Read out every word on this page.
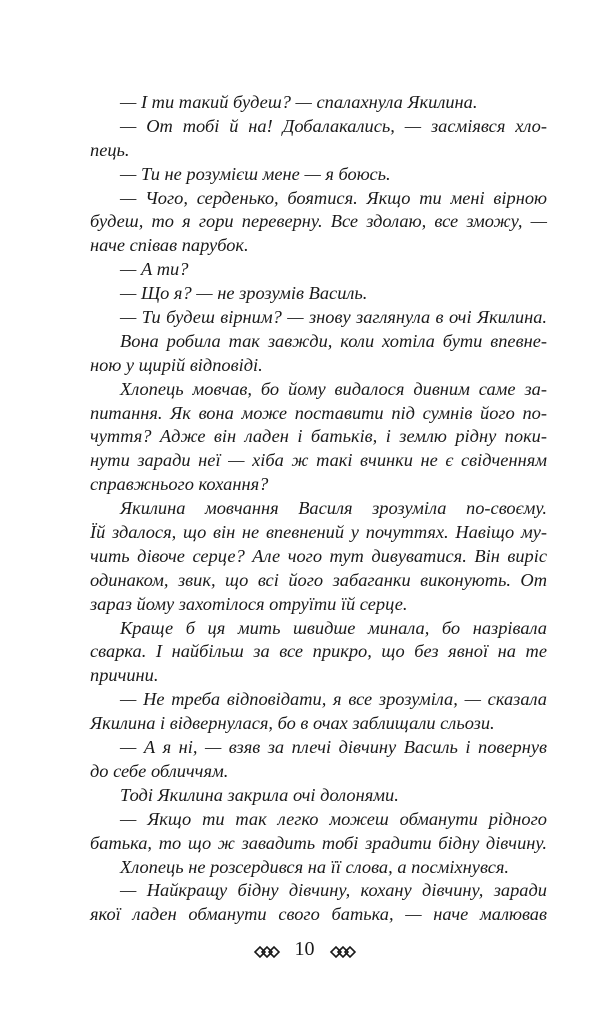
— І ти такий будеш? — спалахнула Якилина.
— От тобі й на! Добалакались, — засміявся хло-
пець.
— Ти не розумієш мене — я боюсь.
— Чого, серденько, боятися. Якщо ти мені вірною
будеш, то я гори переверну. Все здолаю, все зможу, —
наче співав парубок.
— А ти?
— Що я? — не зрозумів Василь.
— Ти будеш вірним? — знову заглянула в очі Якилина.
Вона робила так завжди, коли хотіла бути впевне-
ною у щирій відповіді.
Хлопець мовчав, бо йому видалося дивним саме за-
питання. Як вона може поставити під сумнів його по-
чуття? Адже він ладен і батьків, і землю рідну поки-
нути заради неї — хіба ж такі вчинки не є свідченням
справжнього кохання?
Якилина мовчання Василя зрозуміла по-своєму.
Їй здалося, що він не впевнений у почуттях. Навіщо му-
чить дівоче серце? Але чого тут дивуватися. Він виріс
одинаком, звик, що всі його забаганки виконують. От
зараз йому захотілося отруїти їй серце.
Краще б ця мить швидше минала, бо назрівала
сварка. І найбільш за все прикро, що без явної на те
причини.
— Не треба відповідати, я все зрозуміла, — сказала
Якилина і відвернулася, бо в очах заблищали сльози.
— А я ні, — взяв за плечі дівчину Василь і повернув
до себе обличчям.
Тоді Якилина закрила очі долонями.
— Якщо ти так легко можеш обманути рідного
батька, то що ж завадить тобі зрадити бідну дівчину.
Хлопець не розсердився на її слова, а посміхнувся.
— Найкращу бідну дівчину, кохану дівчину, заради
якої ладен обманути свого батька, — наче малював
10
